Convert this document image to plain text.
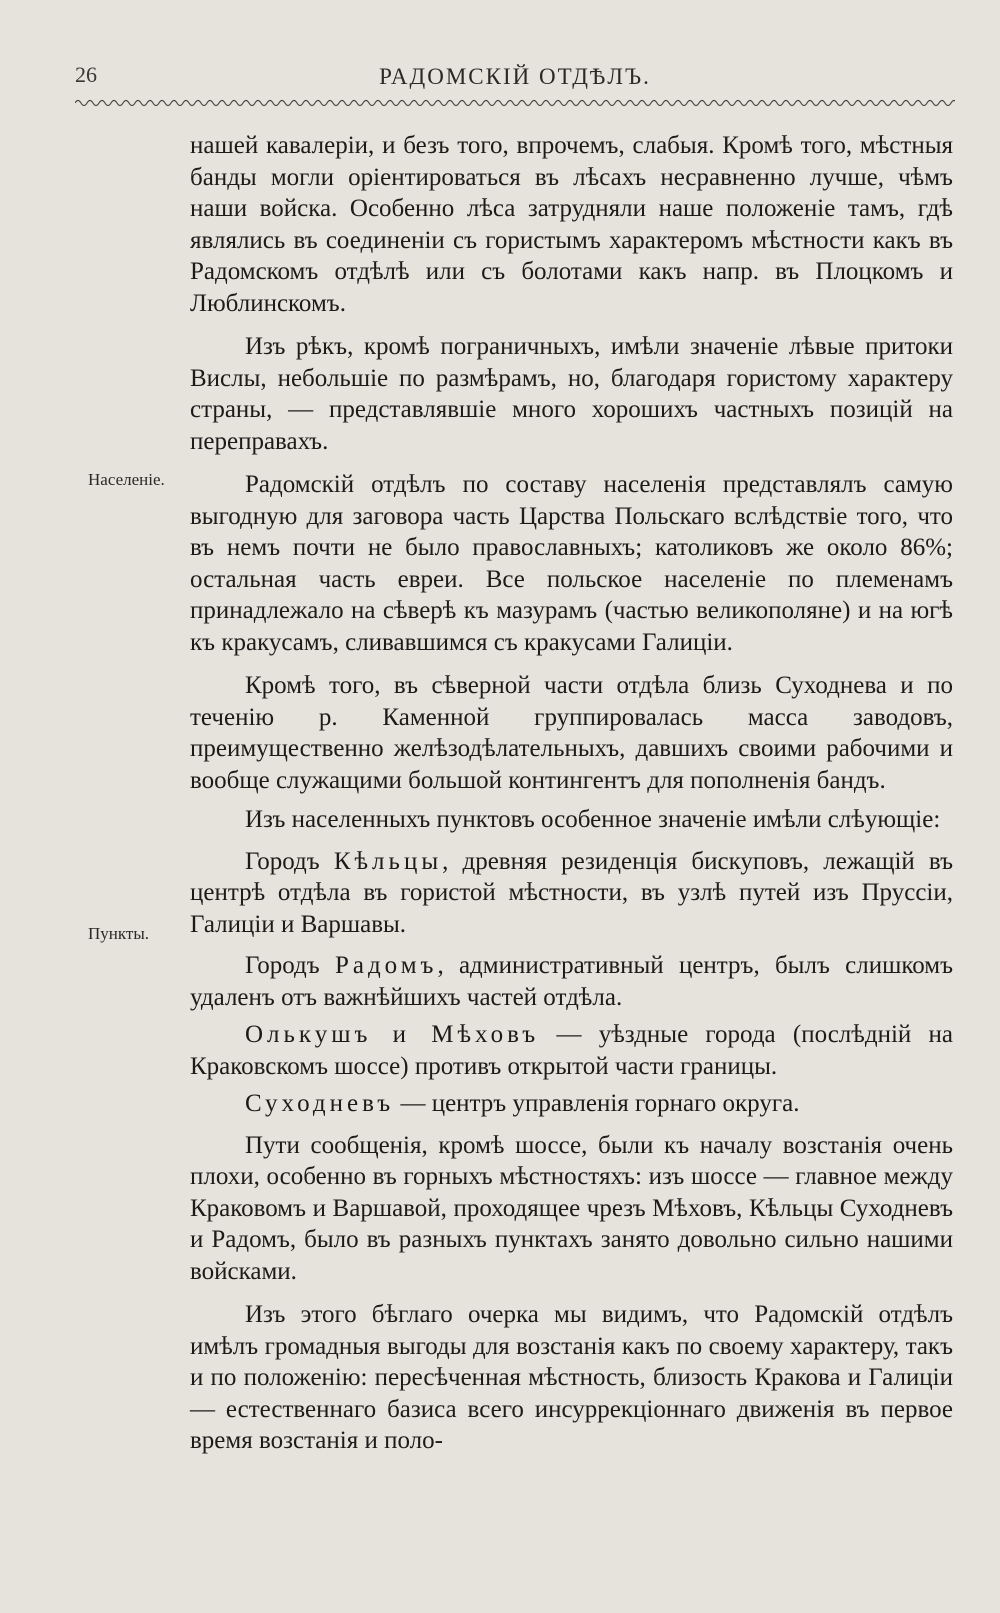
26	РАДОМСКІЙ ОТДѢЛЪ.
Населеніе.
Пункты.

нашей кавалеріи, и безъ того, впрочемъ, слабыя. Кромѣ того, мѣстныя банды могли оріентироваться въ лѣсахъ несравненно лучше, чѣмъ наши войска. Особенно лѣса затрудняли наше положеніе тамъ, гдѣ являлись въ соединеніи съ гористымъ характеромъ мѣстности какъ въ Радомскомъ отдѣлѣ или съ болотами какъ напр. въ Плоцкомъ и Люблинскомъ.

Изъ рѣкъ, кромѣ пограничныхъ, имѣли значеніе лѣвые притоки Вислы, небольшіе по размѣрамъ, но, благодаря гористому характеру страны, — представлявшіе много хорошихъ частныхъ позицій на переправахъ.

Радомскій отдѣлъ по составу населенія представлялъ самую выгодную для заговора часть Царства Польскаго вслѣдствіе того, что въ немъ почти не было православныхъ; католиковъ же около 86%; остальная часть евреи. Все польское населеніе по племенамъ принадлежало на сѣверѣ къ мазурамъ (частью великополяне) и на югѣ къ кракусамъ, сливавшимся съ кракусами Галиціи.

Кромѣ того, въ сѣверной части отдѣла близь Суходнева и по теченію р. Каменной группировалась масса заводовъ, преимущественно желѣзодѣлательныхъ, давшихъ своими рабочими и вообще служащими большой контингентъ для пополненія бандъ.

Изъ населенныхъ пунктовъ особенное значеніе имѣли слѣующіе:

Городъ Кѣльцы, древняя резиденція бискуповъ, лежащій въ центрѣ отдѣла въ гористой мѣстности, въ узлѣ путей изъ Пруссіи, Галиціи и Варшавы.

Городъ Радомъ, административный центръ, былъ слишкомъ удаленъ отъ важнѣйшихъ частей отдѣла.

Олькушъ и Мѣховъ — уѣздные города (послѣдній на Краковскомъ шоссе) противъ открытой части границы.

Суходневъ — центръ управленія горнаго округа.

Пути сообщенія, кромѣ шоссе, были къ началу возстанія очень плохи, особенно въ горныхъ мѣстностяхъ: изъ шоссе — главное между Краковомъ и Варшавой, проходящее чрезъ Мѣховъ, Кѣльцы Суходневъ и Радомъ, было въ разныхъ пунктахъ занято довольно сильно нашими войсками.

Изъ этого бѣглаго очерка мы видимъ, что Радомскій отдѣлъ имѣлъ громадныя выгоды для возстанія какъ по своему характеру, такъ и по положенію: пересѣченная мѣстность, близость Кракова и Галиціи — естественнаго базиса всего инсуррекціоннаго движенія въ первое время возстанія и поло-
